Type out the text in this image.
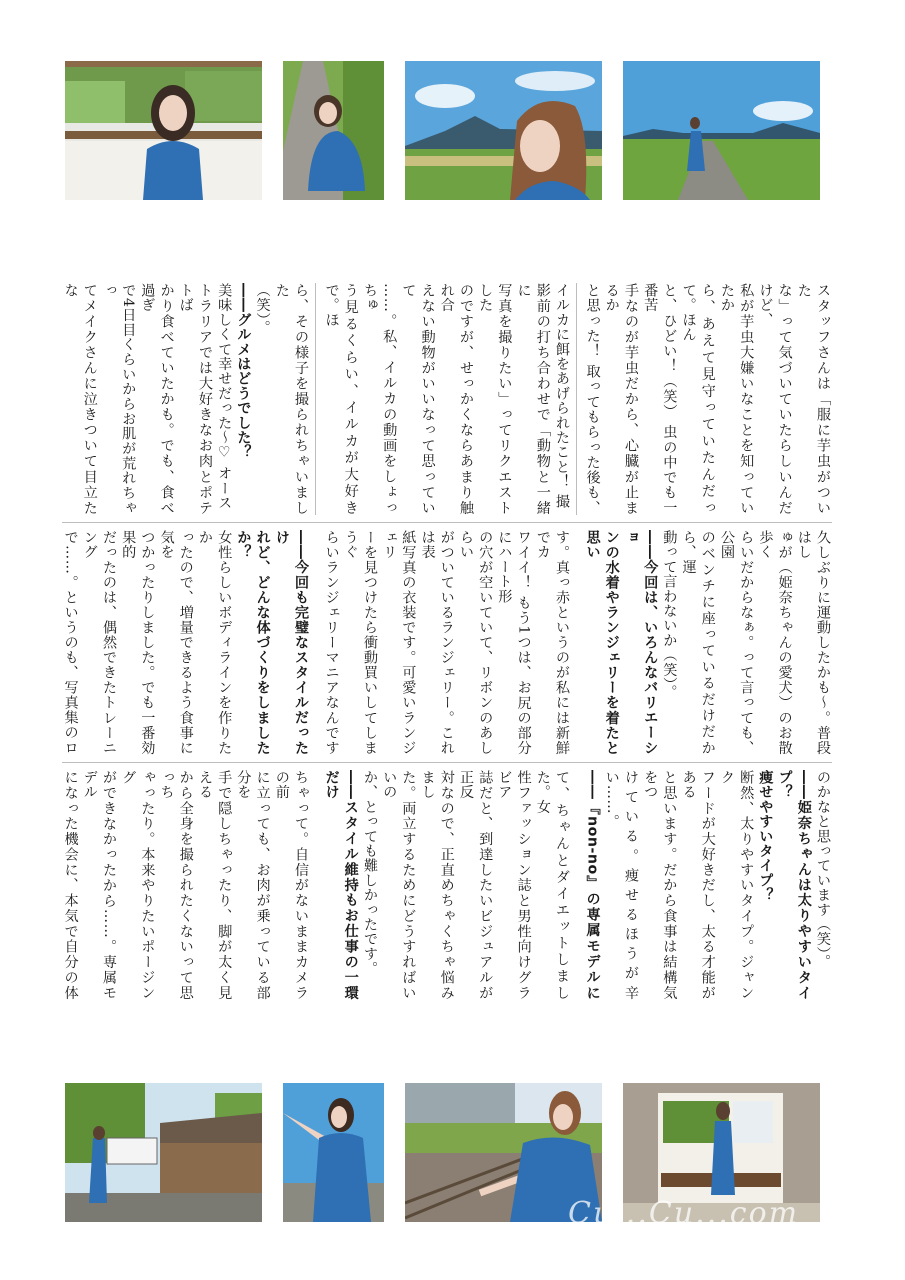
スタッフさんは「服に芋虫がついた

な」って気づいていたらしいんだけど、

私が芋虫大嫌いなことを知っていたか

ら、あえて見守っていたんだって。ほん

と、ひどい！（笑） 虫の中でも一番苦

手なのが芋虫だから、心臓が止まるか

と思った！ 取ってもらった後も、

イルカに餌をあげられたこと！ 撮

影前の打ち合わせで「動物と一緒に

写真を撮りたい」ってリクエストした

のですが、せっかくならあまり触れ合

えない動物がいいなって思っていて

……。私、イルカの動画をしょっちゅ

う見るくらい、イルカが大好きで。ほ

ら、その様子を撮られちゃいました

（笑）。

――グルメはどうでした？

美味しくて幸せだった～♡ オース

トラリアでは大好きなお肉とポテトば

かり食べていたかも。でも、食べ過ぎ

で4日目くらいからお肌が荒れちゃっ

てメイクさんに泣きついて目立たな

久しぶりに運動したかも～。普段はし

ゅが（姫奈ちゃんの愛犬）のお散歩く

らいだからなぁ。って言っても、公園

のベンチに座っているだけだから、運

動って言わないか（笑）。

――今回は、いろんなバリエーショ

ンの水着やランジェリーを着たと思い

す。真っ赤というのが私には新鮮でカ

ワイイ！ もう1つは、お尻の部分にハート形

の穴が空いていて、リボンのあしらい

がついているランジェリー。これは表

紙写真の衣装です。可愛いランジェリ

ーを見つけたら衝動買いしてしまうぐ

らいランジェリーマニアなんです

――今回も完璧なスタイルだったけ

れど、どんな体づくりをしましたか？

女性らしいボディラインを作りたか

ったので、増量できるよう食事に気を

つかったりしました。でも一番効果的

だったのは、偶然できたトレーニング

で……。というのも、写真集のロ

のかなと思っています（笑）。

――姫奈ちゃんは太りやすいタイプ？

痩せやすいタイプ？

断然、太りやすいタイプ。ジャンク

フードが大好きだし、太る才能がある

と思います。だから食事は結構気をつ

けている。痩せるほうが辛い……。

――『non-no』の専属モデルに

て、ちゃんとダイエットしました。女

性ファッション誌と男性向けグラビア

誌だと、到達したいビジュアルが正反

対なので、正直めちゃくちゃ悩みまし

た。両立するためにどうすればいいの

か、とっても難しかったです。

――スタイル維持もお仕事の一環だけ

ちゃって。自信がないままカメラの前

に立っても、お肉が乗っている部分を

手で隠しちゃったり、脚が太く見える

から全身を撮られたくないって思っち

ゃったり。本来やりたいポージング

ができなかったから……。専属モデル

になった機会に、本気で自分の体

Cu...Cu...com
